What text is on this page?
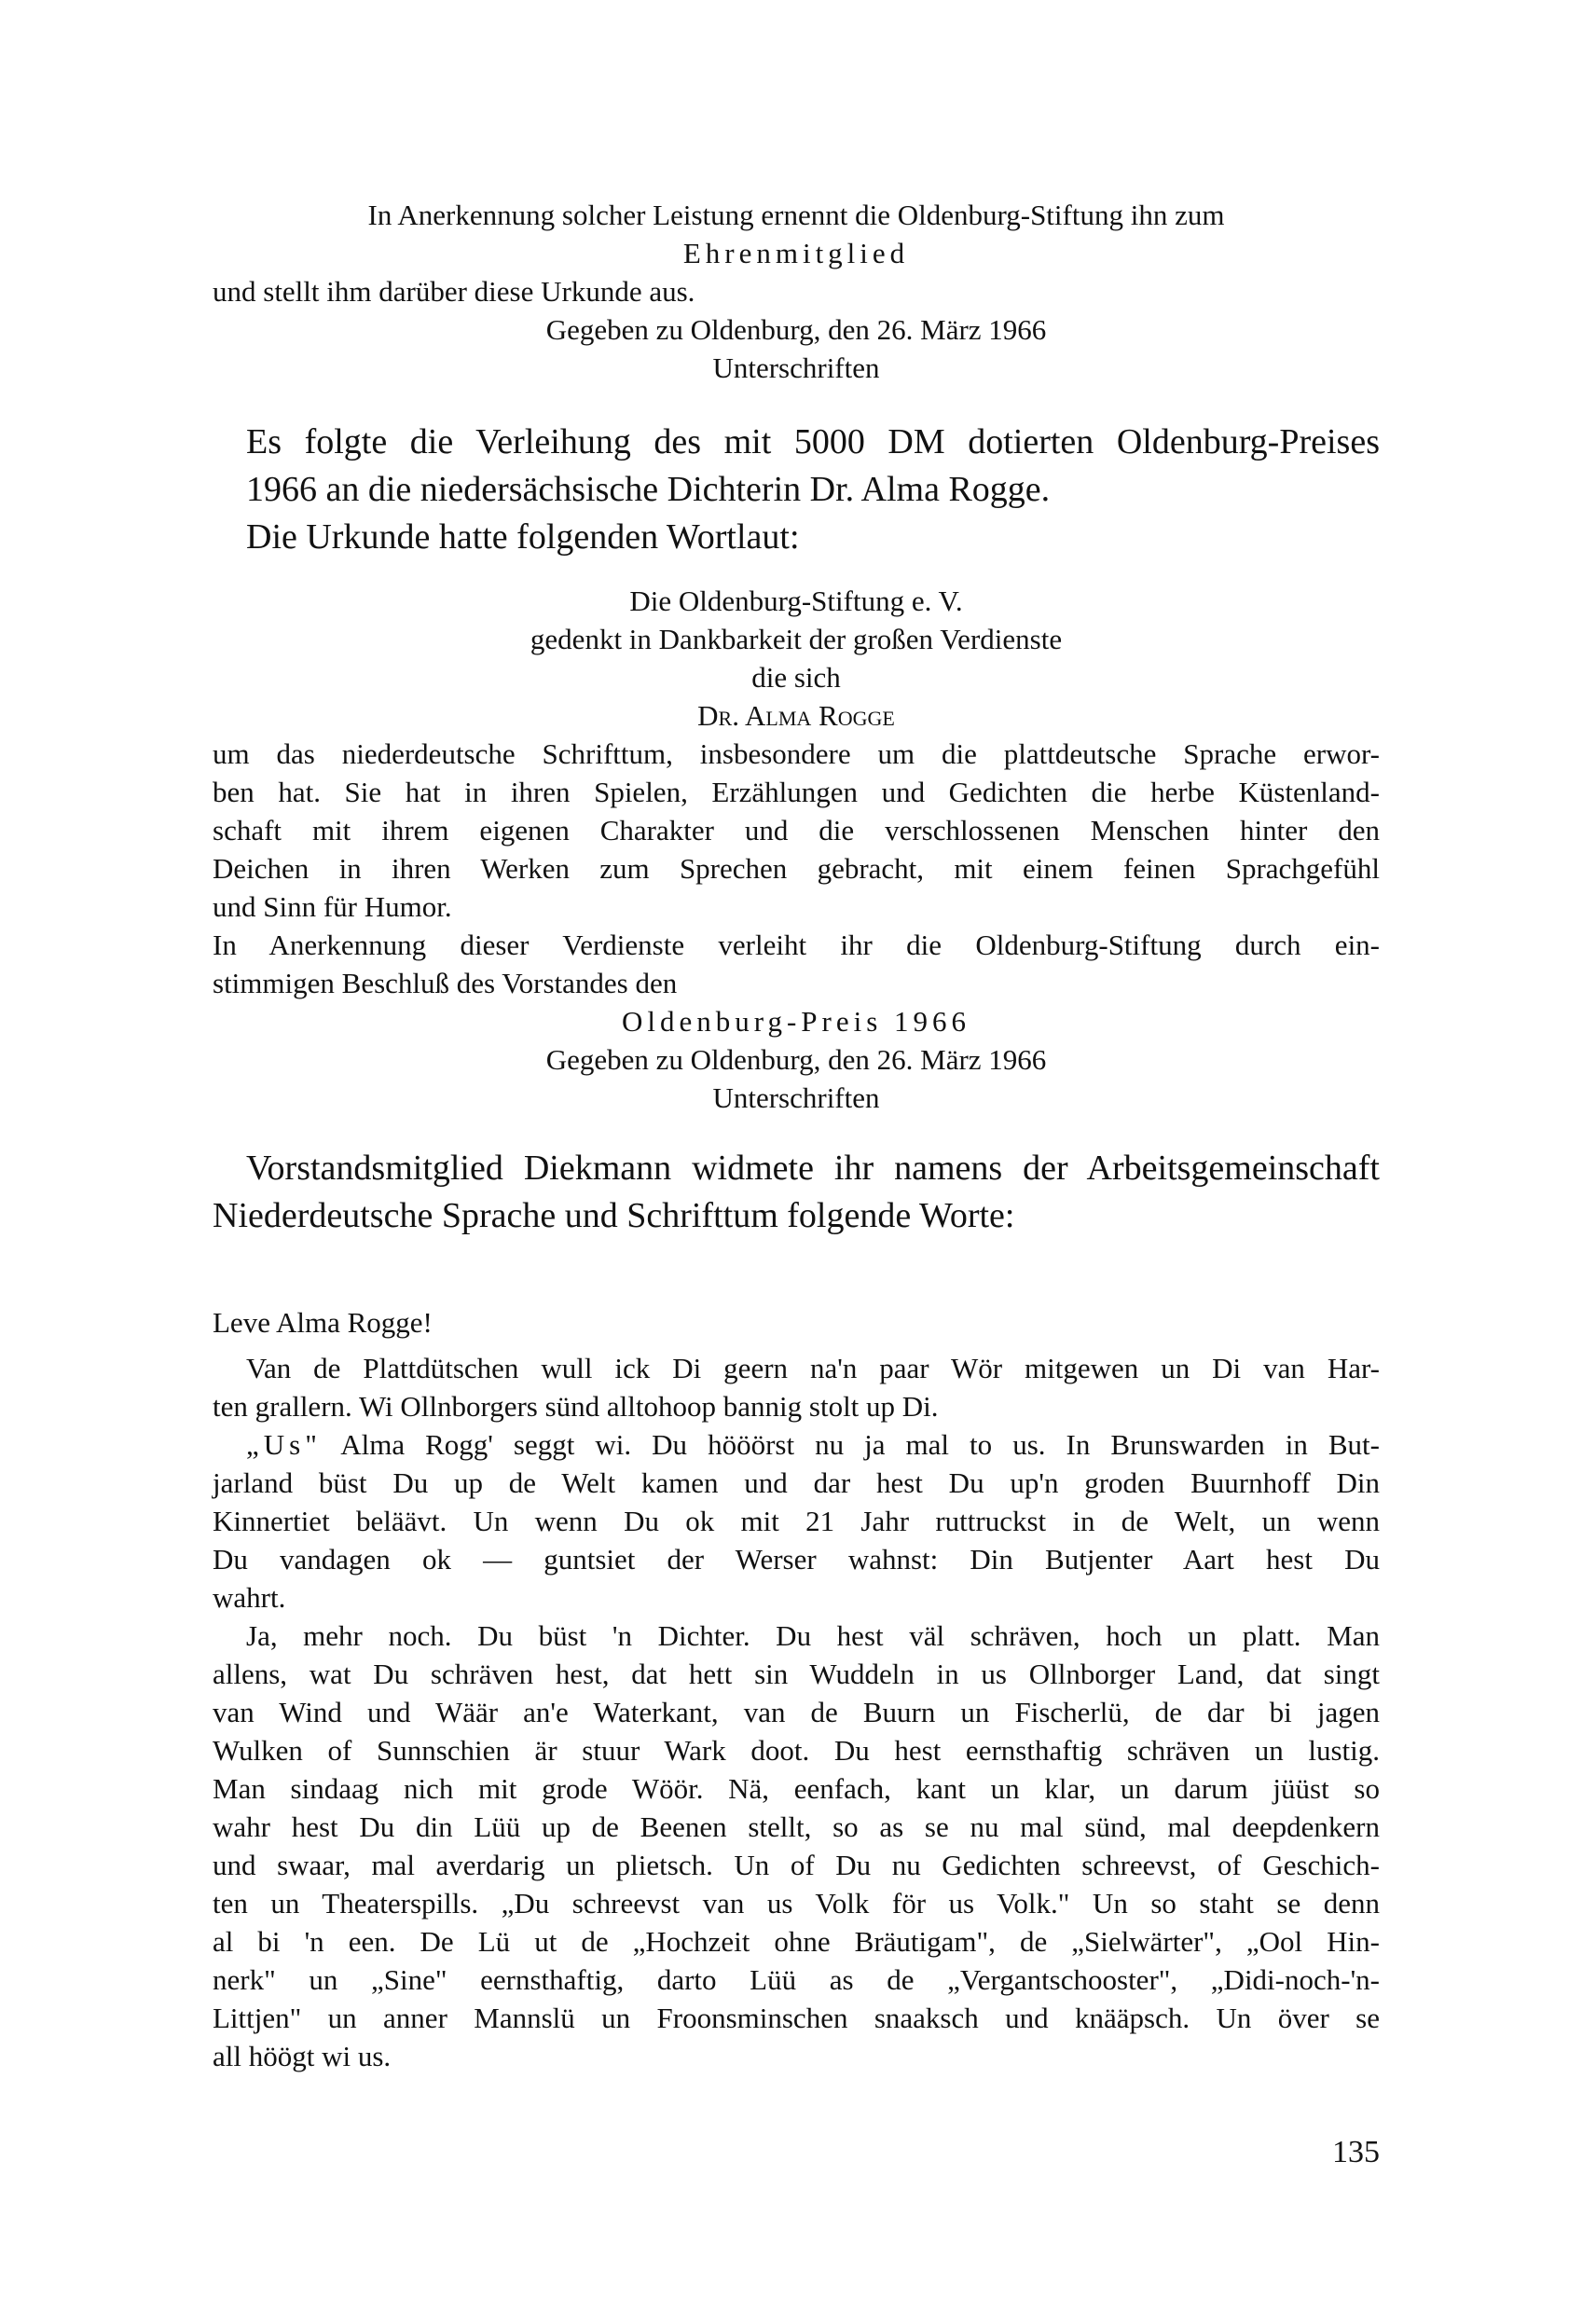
In Anerkennung solcher Leistung ernennt die Oldenburg-Stiftung ihn zum
Ehrenmitglied
und stellt ihm darüber diese Urkunde aus.
Gegeben zu Oldenburg, den 26. März 1966
Unterschriften
Es folgte die Verleihung des mit 5000 DM dotierten Oldenburg-Preises
1966 an die niedersächsische Dichterin Dr. Alma Rogge.
Die Urkunde hatte folgenden Wortlaut:
Die Oldenburg-Stiftung e. V.
gedenkt in Dankbarkeit der großen Verdienste
die sich
Dr. Alma Rogge
um das niederdeutsche Schrifttum, insbesondere um die plattdeutsche Sprache erwor-
ben hat. Sie hat in ihren Spielen, Erzählungen und Gedichten die herbe Küstenland-
schaft mit ihrem eigenen Charakter und die verschlossenen Menschen hinter den
Deichen in ihren Werken zum Sprechen gebracht, mit einem feinen Sprachgefühl
und Sinn für Humor.
In Anerkennung dieser Verdienste verleiht ihr die Oldenburg-Stiftung durch ein-
stimmigen Beschluß des Vorstandes den
Oldenburg-Preis 1966
Gegeben zu Oldenburg, den 26. März 1966
Unterschriften
Vorstandsmitglied Diekmann widmete ihr namens der Arbeitsgemeinschaft
Niederdeutsche Sprache und Schrifttum folgende Worte:
Leve Alma Rogge!
Van de Plattdütschen wull ick Di geern na'n paar Wör mitgewen un Di van Har-
ten grallern. Wi Ollnborgers sünd alltohoop bannig stolt up Di.
„Us" Alma Rogg' seggt wi. Du hööörst nu ja mal to us. In Brunswarden in But-
jarland büst Du up de Welt kamen und dar hest Du up'n groden Buurnhoff Din
Kinnertiet beläävt. Un wenn Du ok mit 21 Jahr ruttruckst in de Welt, un wenn
Du vandagen ok — guntsiet der Werser wahnst: Din Butjenter Aart hest Du
wahrt.
Ja, mehr noch. Du büst 'n Dichter. Du hest väl schräven, hoch un platt. Man
allens, wat Du schräven hest, dat hett sin Wuddeln in us Ollnborger Land, dat singt
van Wind und Wäär an'e Waterkant, van de Buurn un Fischerlü, de dar bi jagen
Wulken of Sunnschien är stuur Wark doot. Du hest eernsthaftig schräven un lustig.
Man sindaag nich mit grode Wöör. Nä, eenfach, kant un klar, un darum jüüst so
wahr hest Du din Lüü up de Beenen stellt, so as se nu mal sünd, mal deepdenkern
und swaar, mal averdarig un plietsch. Un of Du nu Gedichten schreevst, of Geschich-
ten un Theaterspills. „Du schreevst van us Volk för us Volk." Un so staht se denn
al bi 'n een. De Lü ut de „Hochzeit ohne Bräutigam", de „Sielwärter", „Ool Hin-
nerk" un „Sine" eernsthaftig, darto Lüü as de „Vergantschooster", „Didi-noch-'n-
Littjen" un anner Mannslü un Froonsminschen snaaksch und knääpsch. Un över se
all höögt wi us.
135
